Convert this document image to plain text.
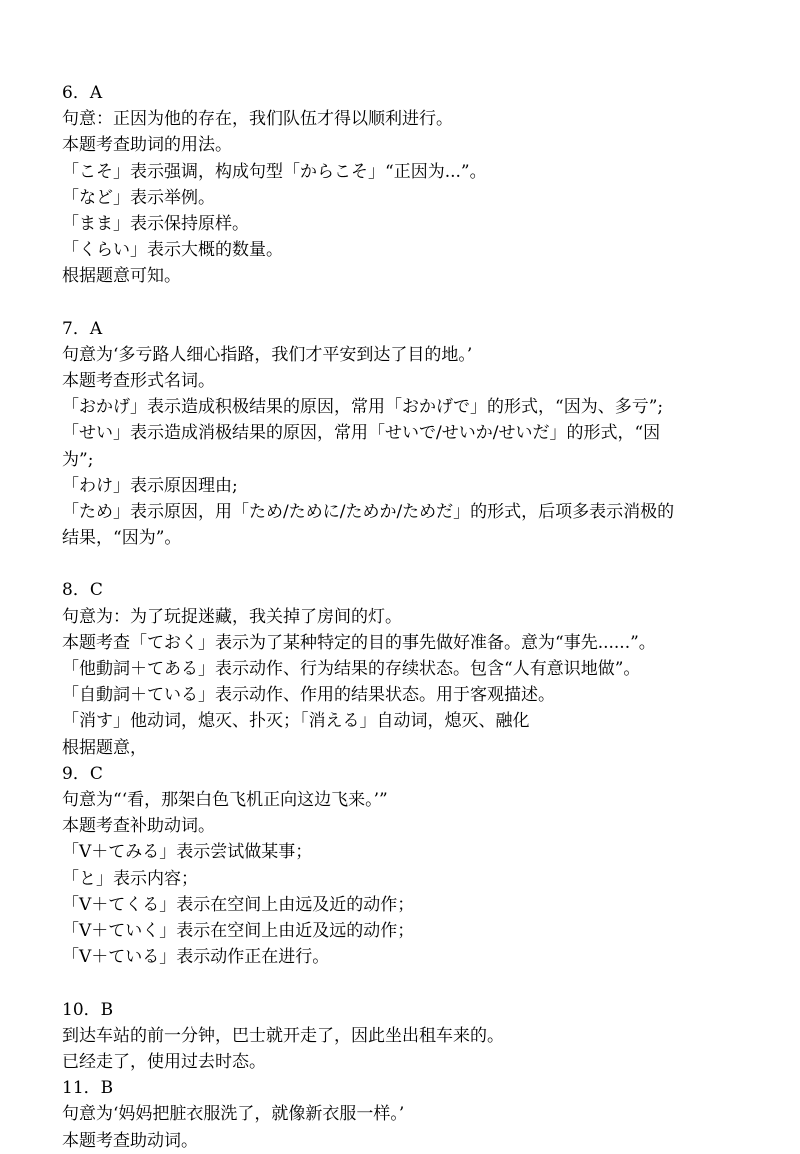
6．A
句意：正因为他的存在，我们队伍才得以顺利进行。
本题考查助词的用法。
「こそ」表示强调，构成句型「からこそ」“正因为...”。
「など」表示举例。
「まま」表示保持原样。
「くらい」表示大概的数量。
根据题意可知。
7．A
句意为‘多亏路人细心指路，我们才平安到达了目的地。’
本题考查形式名词。
「おかげ」表示造成积极结果的原因，常用「おかげで」的形式，“因为、多亏”;
「せい」表示造成消极结果的原因，常用「せいで/せいか/せいだ」的形式，“因
为”;
「わけ」表示原因理由;
「ため」表示原因，用「ため/ために/ためか/ためだ」的形式，后项多表示消极的
结果，“因为”。
8．C
句意为：为了玩捉迷藏，我关掉了房间的灯。
本题考查「ておく」表示为了某种特定的目的事先做好准备。意为“事先......”。
「他動詞＋てある」表示动作、行为结果的存续状态。包含“人有意识地做”。
「自動詞＋ている」表示动作、作用的结果状态。用于客观描述。
「消す」他动词，熄灭、扑灭；「消える」自动词，熄灭、融化
根据题意，
9．C
句意为“‘看，那架白色飞机正向这边飞来。’”
本题考查补助动词。
「V＋てみる」表示尝试做某事；
「と」表示内容；
「V＋てくる」表示在空间上由远及近的动作；
「V＋ていく」表示在空间上由近及远的动作；
「V＋ている」表示动作正在进行。
10．B
到达车站的前一分钟，巴士就开走了，因此坐出租车来的。
已经走了，使用过去时态。
11．B
句意为‘妈妈把脏衣服洗了，就像新衣服一样。’
本题考查助动词。
